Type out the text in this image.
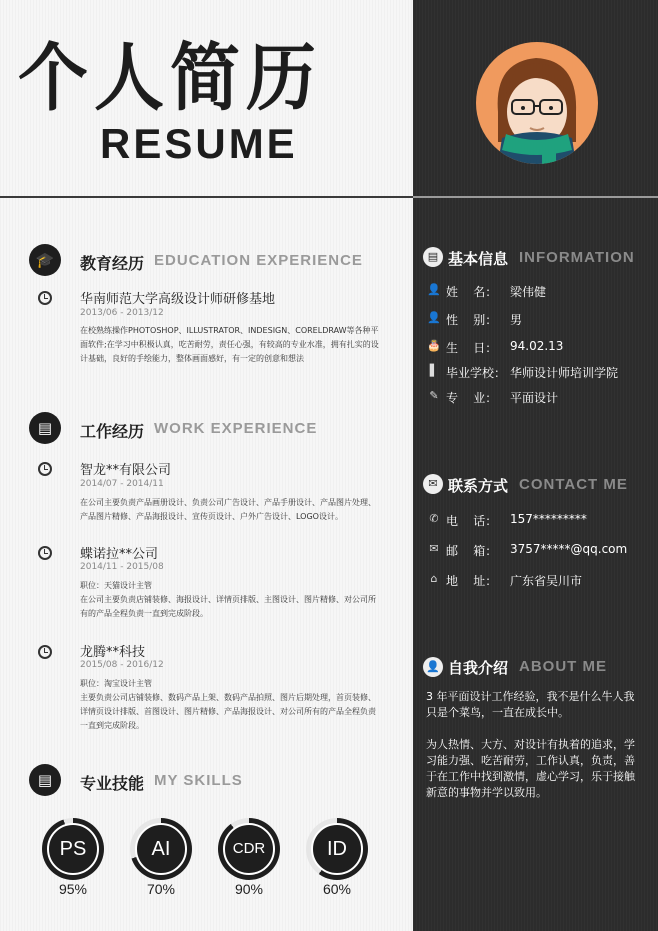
个人简历
RESUME
🎓	教育经历 EDUCATION EXPERIENCE
华南师范大学高级设计师研修基地
2013/06 - 2013/12
在校熟练操作PHOTOSHOP、ILLUSTRATOR、INDESIGN、CORELDRAW等各种平面软件;在学习中积极认真，吃苦耐劳，责任心强，有较高的专业水准，拥有扎实的设计基础，良好的手绘能力，整体画面感好，有一定的创意和想法
▤	工作经历 WORK EXPERIENCE
智龙**有限公司
2014/07 - 2014/11
在公司主要负责产品画册设计、负责公司广告设计、产品手册设计、产品图片处理、产品图片精修、产品海报设计、宣传页设计、户外广告设计、LOGO设计。
蝶诺拉**公司
2014/11 - 2015/08
职位：天猫设计主管
在公司主要负责店铺装修、海报设计、详情页排版、主图设计、图片精修、对公司所有的产品全程负责一直到完成阶段。
龙腾**科技
2015/08 - 2016/12
职位：淘宝设计主管
主要负责公司店铺装修、数码产品上架、数码产品拍照、图片后期处理，首页装修、详情页设计排版、首图设计、图片精修、产品海报设计、对公司所有的产品全程负责一直到完成阶段。
▤	专业技能 MY SKILLS
PS
95%
AI
70%
CDR
90%
ID
60%
▤ 基本信息 INFORMATION
👤 姓    名： 梁伟健
👤 性    别： 男
🎂 生    日： 94.02.13
▌ 毕业学校： 华师设计师培训学院
✎ 专    业： 平面设计
✉ 联系方式 CONTACT ME
✆ 电    话： 157*********
✉ 邮    箱： 3757*****@qq.com
⌂ 地    址： 广东省吴川市
👤 自我介绍 ABOUT ME
3 年平面设计工作经验，我不是什么牛人我只是个菜鸟，一直在成长中。
为人热情、大方、对设计有执着的追求，学习能力强、吃苦耐劳，工作认真，负责，善于在工作中找到激情，虚心学习，乐于接触新意的事物并学以致用。
